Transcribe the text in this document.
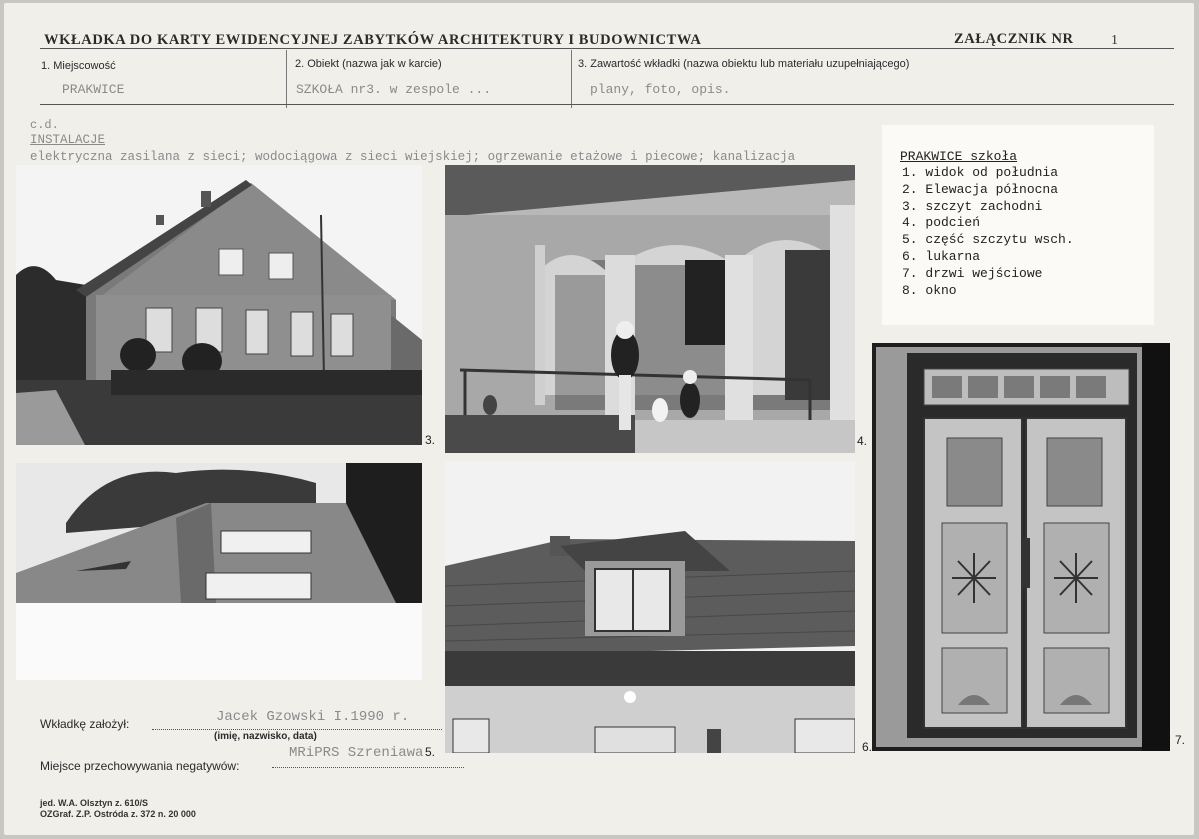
WKŁADKA DO KARTY EWIDENCYJNEJ ZABYTKÓW ARCHITEKTURY I BUDOWNICTWA	ZAŁĄCZNIK NR	1
1. Miejscowość
PRAKWICE
2. Obiekt (nazwa jak w karcie)
SZKOŁA nr3. w zespole ...
3. Zawartość wkładki (nazwa obiektu lub materiału uzupełniającego)
plany, foto, opis.
c.d.
INSTALACJE
elektryczna zasilana z sieci; wodociągowa z sieci wiejskiej; ogrzewanie etażowe i piecowe; kanalizacja
3.	4.
PRAKWICE szkoła
1. widok od południa
2. Elewacja północna
3. szczyt zachodni
4. podcień
5. część szczytu wsch.
6. lukarna
7. drzwi wejściowe
8. okno
5.	6.	7.
Wkładkę założył:	Jacek Gzowski I.1990 r.
(imię, nazwisko, data)
Miejsce przechowywania negatywów:
MRiPRS Szreniawa
jed. W.A. Olsztyn z. 610/S
OZGraf. Z.P. Ostróda z. 372 n. 20 000
